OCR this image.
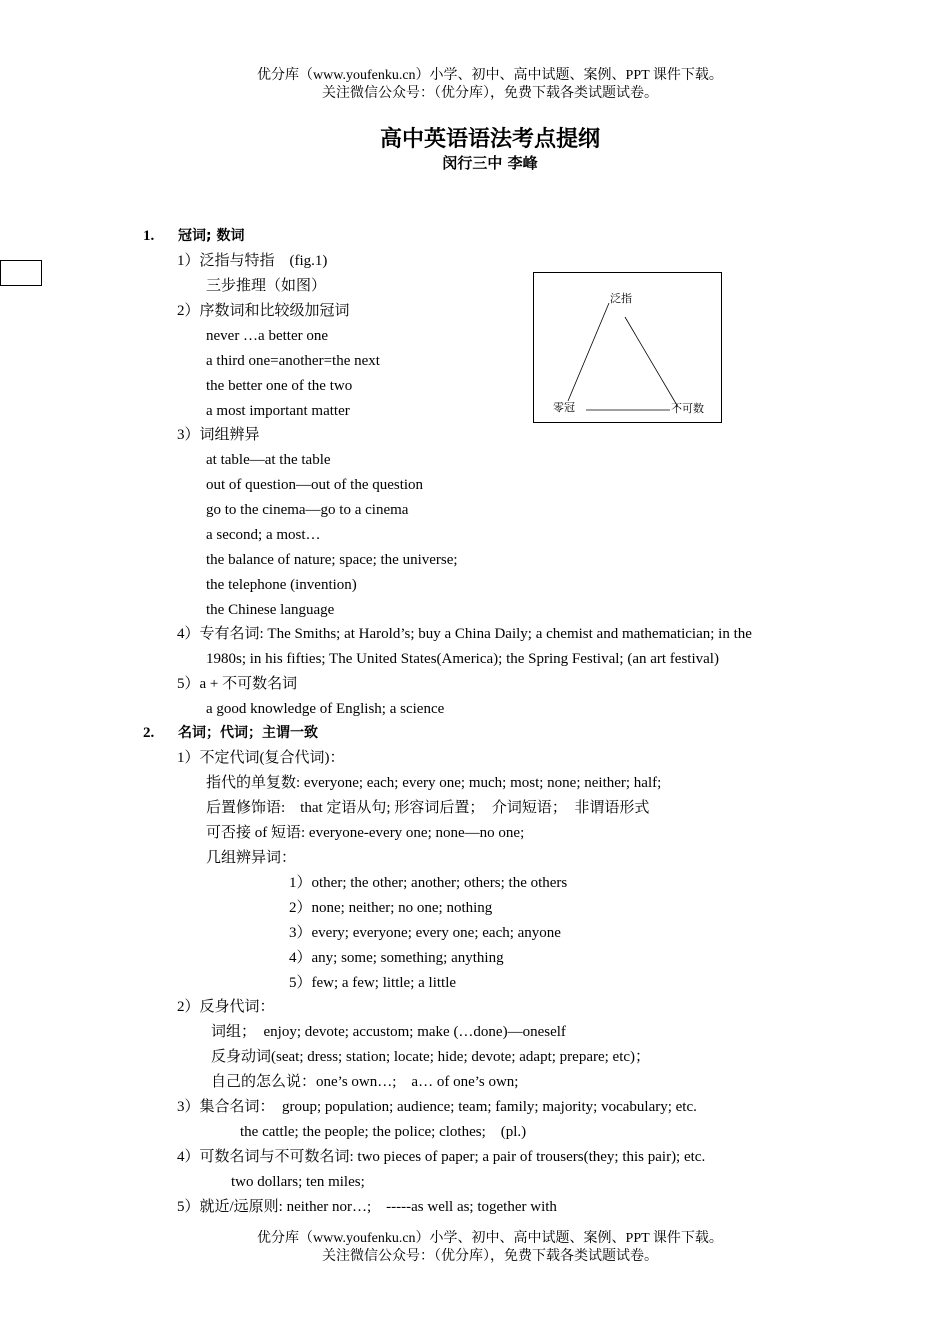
优分库（www.youfenku.cn）小学、初中、高中试题、案例、PPT 课件下载。
关注微信公众号：（优分库），免费下载各类试题试卷。
高中英语语法考点提纲
闵行三中 李峰
泛指
零冠	不可数
1. 冠词; 数词
1）泛指与特指　(fig.1)
三步推理（如图）
2）序数词和比较级加冠词
never …a better one
a third one=another=the next
the better one of the two
a most important matter
3）词组辨异
at table—at the table
out of question—out of the question
go to the cinema—go to a cinema
a second; a most…
the balance of nature; space; the universe;
the telephone (invention)
the Chinese language
4）专有名词: The Smiths; at Harold’s; buy a China Daily; a chemist and mathematician; in the
1980s; in his fifties; The United States(America); the Spring Festival; (an art festival)
5）a + 不可数名词
a good knowledge of English; a science
2. 名词；代词；主谓一致
1）不定代词(复合代词)：
指代的单复数: everyone; each; every one; much; most; none; neither; half;
后置修饰语:　that 定语从句; 形容词后置；　介词短语；　非谓语形式
可否接 of 短语: everyone-every one; none—no one;
几组辨异词：
1）other; the other; another; others; the others
2）none; neither; no one; nothing
3）every; everyone; every one; each; anyone
4）any; some; something; anything
5）few; a few; little; a little
2）反身代词：
词组；　enjoy; devote; accustom; make (…done)—oneself
反身动词(seat; dress; station; locate; hide; devote; adapt; prepare; etc)；
自己的怎么说：one’s own…;　a… of one’s own;
3）集合名词：　group; population; audience; team; family; majority; vocabulary; etc.
the cattle; the people; the police; clothes;　(pl.)
4）可数名词与不可数名词: two pieces of paper; a pair of trousers(they; this pair); etc.
two dollars; ten miles;
5）就近/远原则: neither nor…;　-----as well as; together with
优分库（www.youfenku.cn）小学、初中、高中试题、案例、PPT 课件下载。
关注微信公众号：（优分库），免费下载各类试题试卷。
